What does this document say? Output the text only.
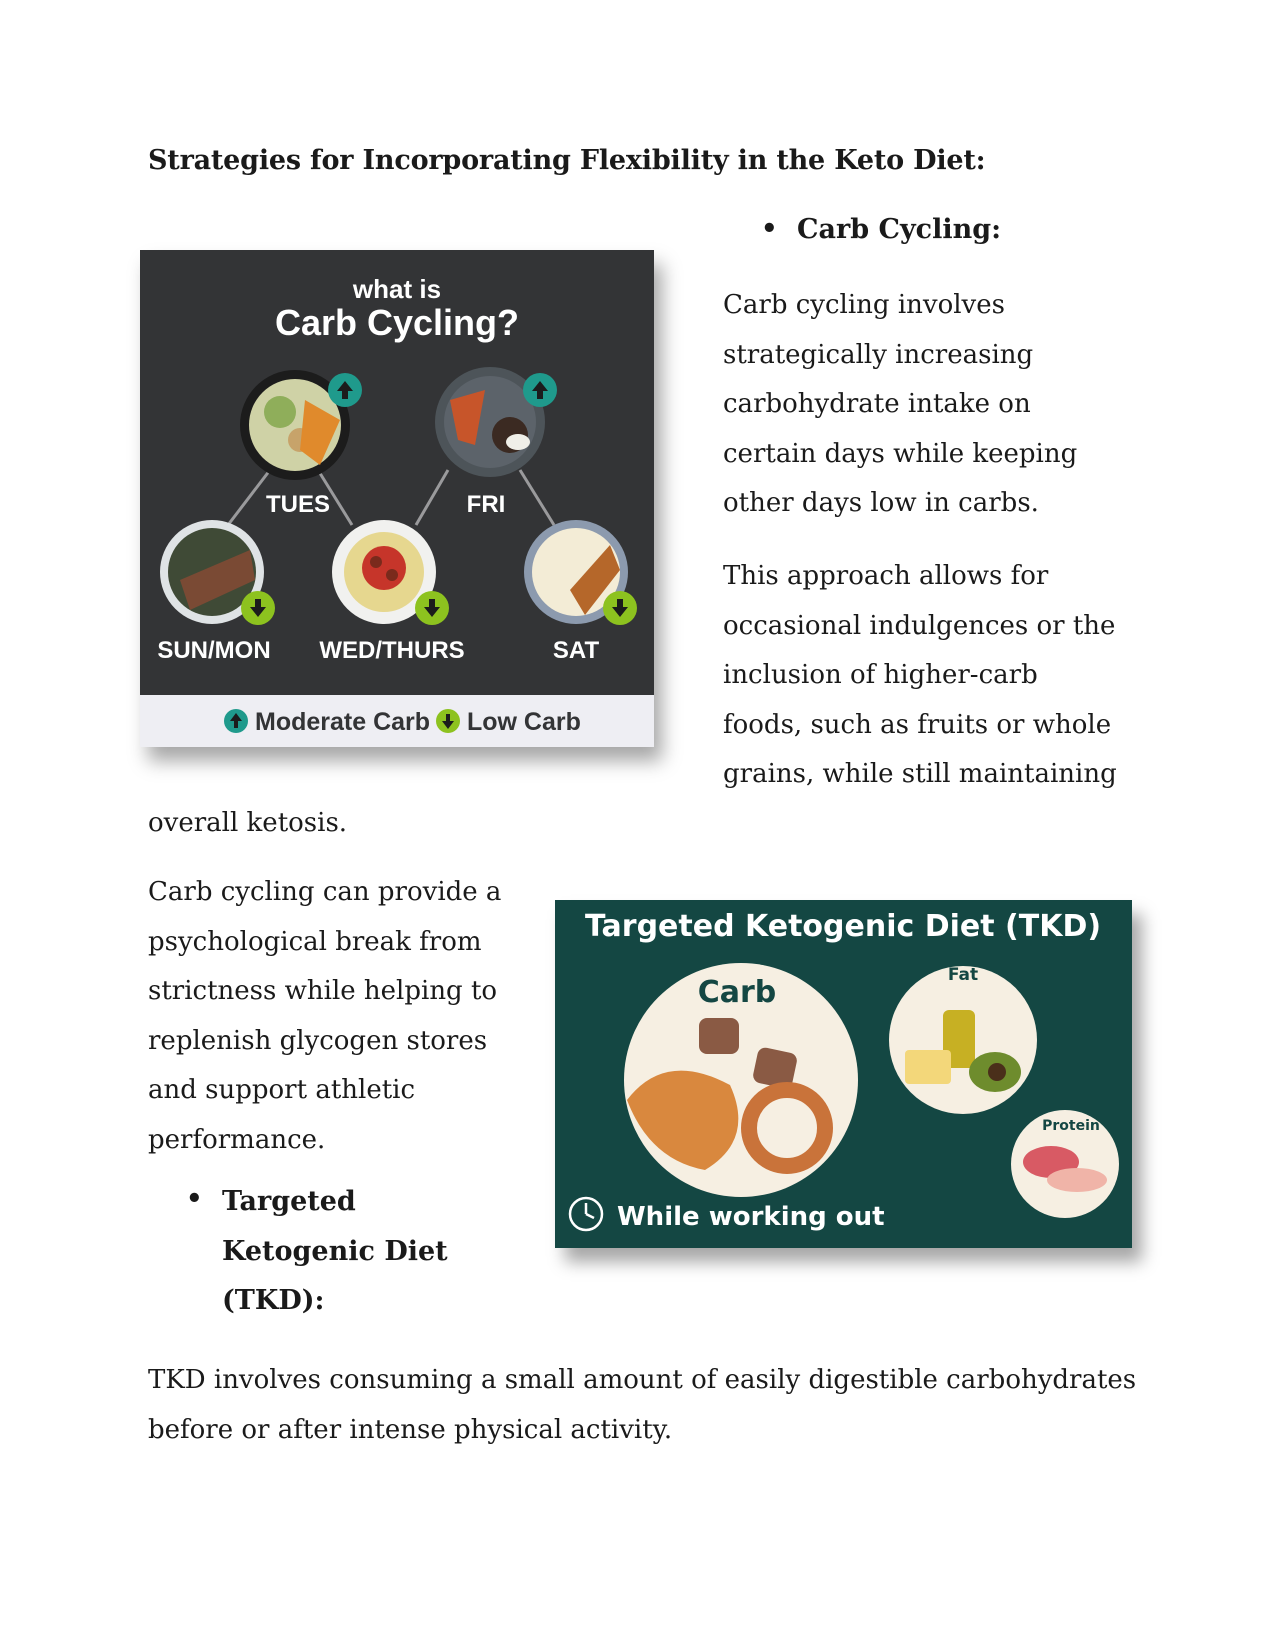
Strategies for Incorporating Flexibility in the Keto Diet:
• Carb Cycling:
Carb cycling involves
strategically increasing
carbohydrate intake on
certain days while keeping
other days low in carbs.
This approach allows for
occasional indulgences or the
inclusion of higher-carb
foods, such as fruits or whole
grains, while still maintaining
overall ketosis.
Carb cycling can provide a
psychological break from
strictness while helping to
replenish glycogen stores
and support athletic
performance.
• Targeted
Ketogenic Diet
(TKD):
TKD involves consuming a small amount of easily digestible carbohydrates
before or after intense physical activity.
what is
Carb Cycling?
TUES	FRI
SUN/MON WED/THURS	SAT
Moderate Carb Low Carb
Targeted Ketogenic Diet (TKD)
Carb	Fat
Protein
While working out
